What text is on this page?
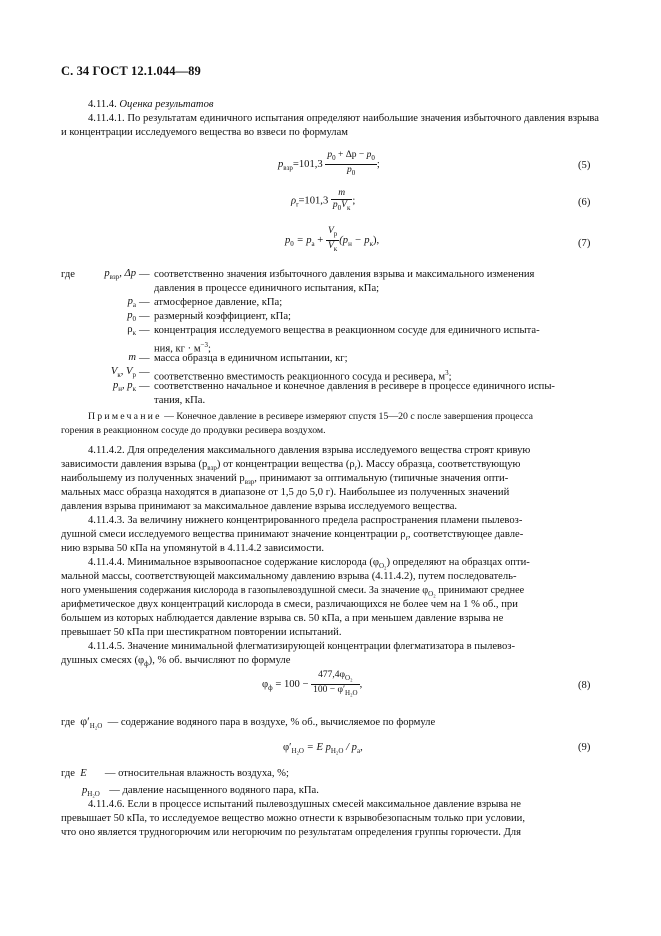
С. 34 ГОСТ 12.1.044—89
4.11.4. Оценка результатов
4.11.4.1. По результатам единичного испытания определяют наибольшие значения избыточного давления взрыва и концентрации исследуемого вещества во взвеси по формулам
$p_{взр}=101,3 \frac{p_0 + \Delta p - p_0}{p_0}$ ;	(5)
$\rho_r=101,3 \frac{m}{p_0V_к}$ ;	(6)
$p_0 = p_а + \frac{V_р}{V_к} (p_н - p_к)$,	(7)
где	$p_{взр}$, Δp — соответственно значения избыточного давления взрыва и максимального изменения
давления в процессе единичного испытания, кПа;
$p_а$ — атмосферное давление, кПа;
$p_0$ — размерный коэффициент, кПа;
$\rho_к$ — концентрация исследуемого вещества в реакционном сосуде для единичного испыта-
ния, кг · $м^{-3}$;
m — масса образца в единичном испытании, кг;
$V_к$, $V_р$ — соответственно вместимость реакционного сосуда и ресивера, $м^3$;
$p_н$, $p_к$ — соответственно начальное и конечное давления в ресивере в процессе единичного испы-
тания, кПа.
Примечание — Конечное давление в ресивере измеряют спустя 15—20 с после завершения процесса
горения в реакционном сосуде до продувки ресивера воздухом.
4.11.4.2. Для определения максимального давления взрыва исследуемого вещества строят кривую
зависимости давления взрыва $(p_{взр})$ от концентрации вещества $(\rho_r)$. Массу образца, соответствующую
наибольшему из полученных значений $p_{взр}$, принимают за оптимальную (типичные значения опти-
мальных масс образца находятся в диапазоне от 1,5 до 5,0 г). Наибольшее из полученных значений
давления взрыва принимают за максимальное давление взрыва исследуемого вещества.
4.11.4.3. За величину нижнего концентрированного предела распространения пламени пылевоз-
душной смеси исследуемого вещества принимают значение концентрации $\rho_r$, соответствующее давле-
нию взрыва 50 кПа на упомянутой в 4.11.4.2 зависимости.
4.11.4.4. Минимальное взрывоопасное содержание кислорода $(\varphi_{O_2})$ определяют на образцах опти-
мальной массы, соответствующей максимальному давлению взрыва (4.11.4.2), путем последователь-
ного уменьшения содержания кислорода в газопылевоздушной смеси. За значение $\varphi_{O_2}$ принимают среднее
арифметическое двух концентраций кислорода в смеси, различающихся не более чем на 1 % об., при
большем из которых наблюдается давление взрыва св. 50 кПа, а при меньшем давление взрыва не
превышает 50 кПа при шестикратном повторении испытаний.
4.11.4.5. Значение минимальной флегматизирующей концентрации флегматизатора в пылевоз-
душных смесях $(\varphi_ф)$, % об. вычисляют по формуле
$\varphi_ф = 100 - \frac{477,4\varphi_{O_2}}{100 - \varphi'_{H_2O}}$ ,	(8)
где $\varphi'_{H_2O}$ — содержание водяного пара в воздухе, % об., вычисляемое по формуле
$\varphi'_{H_2O} = E$ $p_{H_2O} / p_а$,	(9)
где E — относительная влажность воздуха, %;
$p_{H_2O}$ — давление насыщенного водяного пара, кПа.
4.11.4.6. Если в процессе испытаний пылевоздушных смесей максимальное давление взрыва не
превышает 50 кПа, то исследуемое вещество можно отнести к взрывобезопасным только при условии,
что оно является трудногорючим или негорючим по результатам определения группы горючести. Для
